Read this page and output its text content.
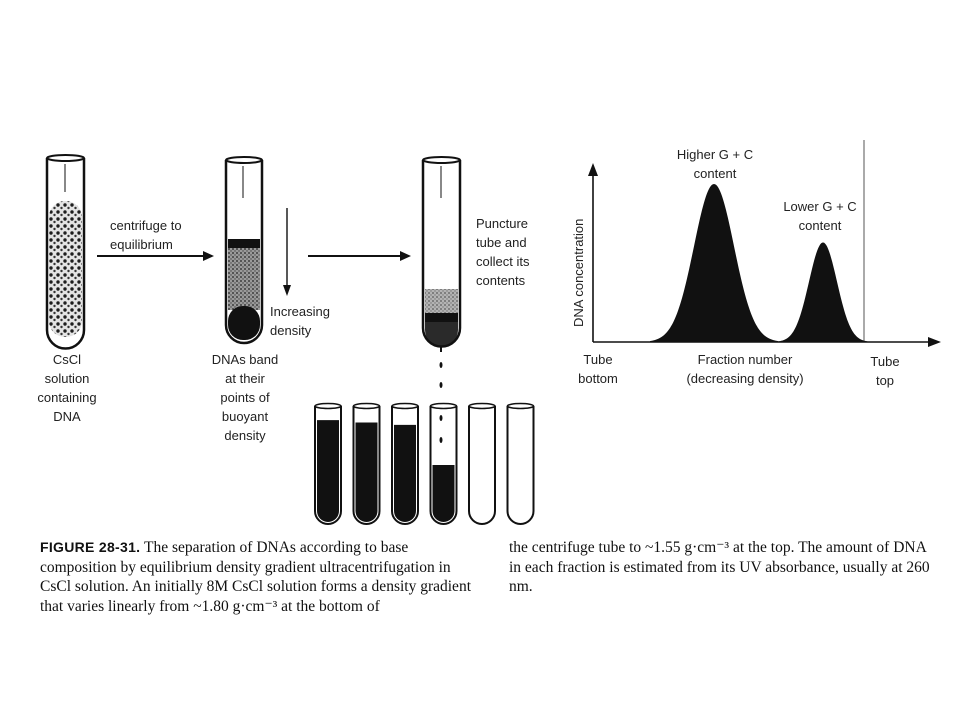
DNA concentration
centrifuge to
equilibrium
Increasing
density
Puncture
tube and
collect its
contents
CsCl
solution
containing
DNA
DNAs band
at their
points of
buoyant
density
Higher G + C
content
Lower G + C
content
Tube
bottom
Fraction number
(decreasing density)
Tube
top
FIGURE 28-31. The separation of DNAs according to base composition by equilibrium density gradient ultracentrifugation in CsCl solution. An initially 8M CsCl solution forms a density gradient that varies linearly from ~1.80 g·cm⁻³ at the bottom of
the centrifuge tube to ~1.55 g·cm⁻³ at the top. The amount of DNA in each fraction is estimated from its UV absorbance, usually at 260 nm.
